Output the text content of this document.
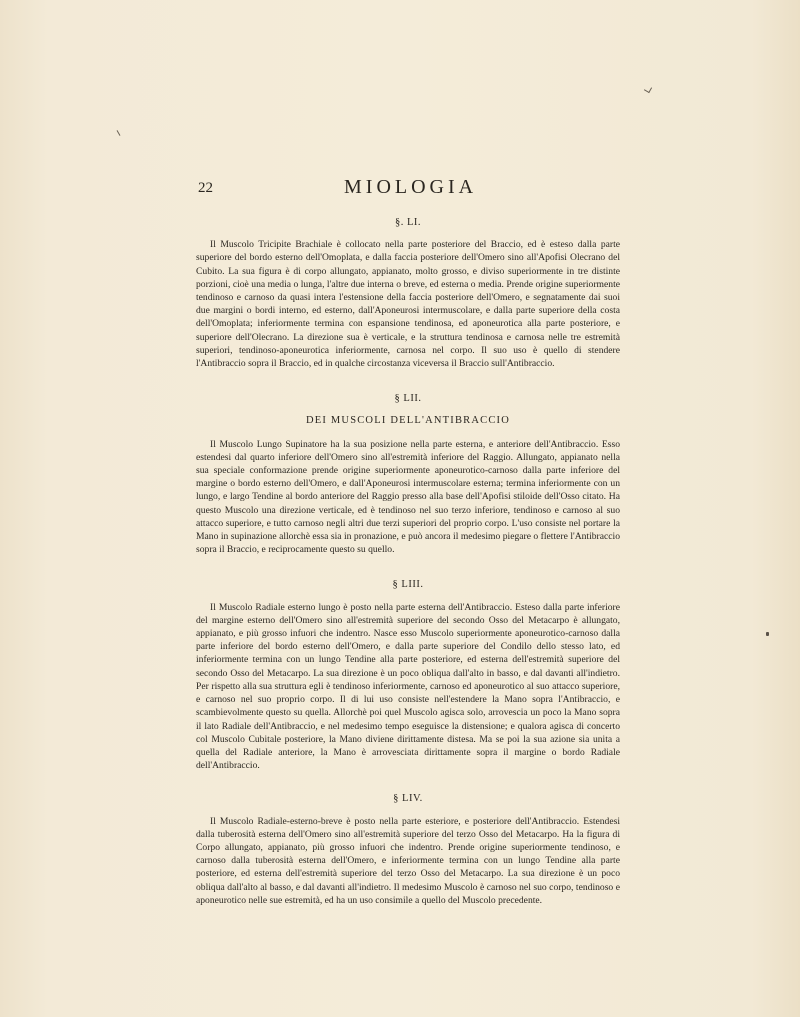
22	MIOLOGIA
§. LI.

Il Muscolo Tricipite Brachiale è collocato nella parte posteriore del Braccio, ed è esteso dalla parte superiore del bordo esterno dell'Omoplata, e dalla faccia posteriore dell'Omero sino all'Apofisi Olecrano del Cubito. La sua figura è di corpo allungato, appianato, molto grosso, e diviso superiormente in tre distinte porzioni, cioè una media o lunga, l'altre due interna o breve, ed esterna o media. Prende origine superiormente tendinoso e carnoso da quasi intera l'estensione della faccia posteriore dell'Omero, e segnatamente dai suoi due margini o bordi interno, ed esterno, dall'Aponeurosi intermuscolare, e dalla parte superiore della costa dell'Omoplata; inferiormente termina con espansione tendinosa, ed aponeurotica alla parte posteriore, e superiore dell'Olecrano. La direzione sua è verticale, e la struttura tendinosa e carnosa nelle tre estremità superiori, tendinoso-aponeurotica inferiormente, carnosa nel corpo. Il suo uso è quello di stendere l'Antibraccio sopra il Braccio, ed in qualche circostanza viceversa il Braccio sull'Antibraccio.

§ LII.
DEI MUSCOLI DELL'ANTIBRACCIO

Il Muscolo Lungo Supinatore ha la sua posizione nella parte esterna, e anteriore dell'Antibraccio. Esso estendesi dal quarto inferiore dell'Omero sino all'estremità inferiore del Raggio. Allungato, appianato nella sua speciale conformazione prende origine superiormente aponeurotico-carnoso dalla parte inferiore del margine o bordo esterno dell'Omero, e dall'Aponeurosi intermuscolare esterna; termina inferiormente con un lungo, e largo Tendine al bordo anteriore del Raggio presso alla base dell'Apofisi stiloide dell'Osso citato. Ha questo Muscolo una direzione verticale, ed è tendinoso nel suo terzo inferiore, tendinoso e carnoso al suo attacco superiore, e tutto carnoso negli altri due terzi superiori del proprio corpo. L'uso consiste nel portare la Mano in supinazione allorchè essa sia in pronazione, e può ancora il medesimo piegare o flettere l'Antibraccio sopra il Braccio, e reciprocamente questo su quello.

§ LIII.

Il Muscolo Radiale esterno lungo è posto nella parte esterna dell'Antibraccio. Esteso dalla parte inferiore del margine esterno dell'Omero sino all'estremità superiore del secondo Osso del Metacarpo è allungato, appianato, e più grosso infuori che indentro. Nasce esso Muscolo superiormente aponeurotico-carnoso dalla parte inferiore del bordo esterno dell'Omero, e dalla parte superiore del Condilo dello stesso lato, ed inferiormente termina con un lungo Tendine alla parte posteriore, ed esterna dell'estremità superiore del secondo Osso del Metacarpo. La sua direzione è un poco obliqua dall'alto in basso, e dal davanti all'indietro. Per rispetto alla sua struttura egli è tendinoso inferiormente, carnoso ed aponeurotico al suo attacco superiore, e carnoso nel suo proprio corpo. Il di lui uso consiste nell'estendere la Mano sopra l'Antibraccio, e scambievolmente questo su quella. Allorchè poi quel Muscolo agisca solo, arrovescia un poco la Mano sopra il lato Radiale dell'Antibraccio, e nel medesimo tempo eseguisce la distensione; e qualora agisca di concerto col Muscolo Cubitale posteriore, la Mano diviene dirittamente distesa. Ma se poi la sua azione sia unita a quella del Radiale anteriore, la Mano è arrovesciata dirittamente sopra il margine o bordo Radiale dell'Antibraccio.

§ LIV.

Il Muscolo Radiale-esterno-breve è posto nella parte esteriore, e posteriore dell'Antibraccio. Estendesi dalla tuberosità esterna dell'Omero sino all'estremità superiore del terzo Osso del Metacarpo. Ha la figura di Corpo allungato, appianato, più grosso infuori che indentro. Prende origine superiormente tendinoso, e carnoso dalla tuberosità esterna dell'Omero, e inferiormente termina con un lungo Tendine alla parte posteriore, ed esterna dell'estremità superiore del terzo Osso del Metacarpo. La sua direzione è un poco obliqua dall'alto al basso, e dal davanti all'indietro. Il medesimo Muscolo è carnoso nel suo corpo, tendinoso e aponeurotico nelle sue estremità, ed ha un uso consimile a quello del Muscolo precedente.
